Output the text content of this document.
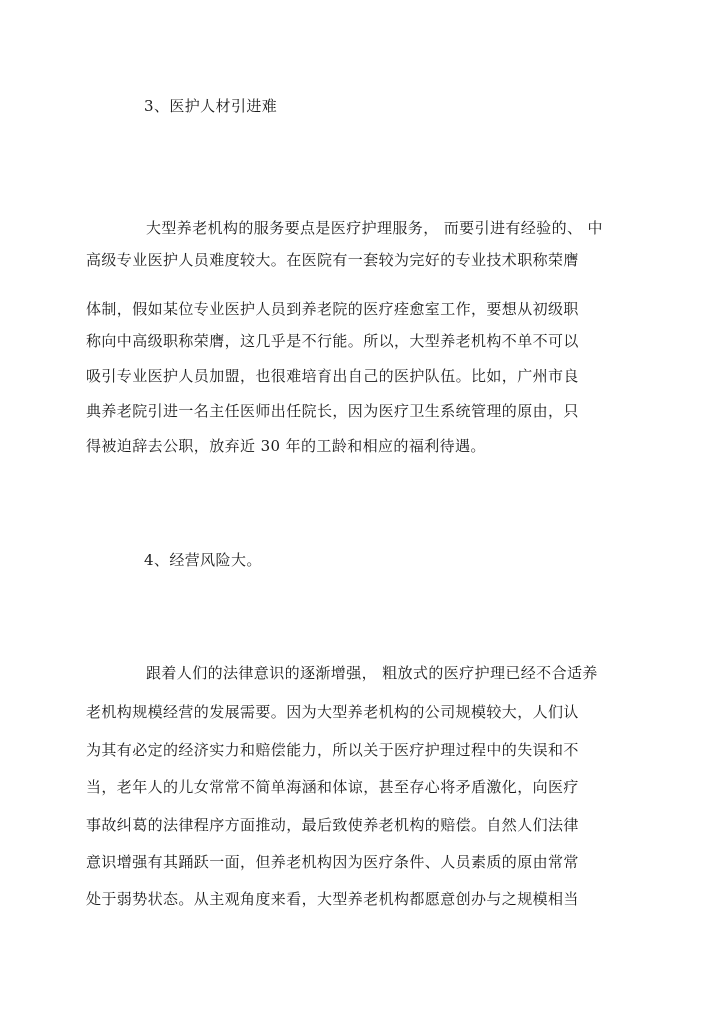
3、医护人材引进难
大型养老机构的服务要点是医疗护理服务， 而要引进有经验的、 中
高级专业医护人员难度较大。在医院有一套较为完好的专业技术职称荣膺
体制，假如某位专业医护人员到养老院的医疗痊愈室工作，要想从初级职
称向中高级职称荣膺，这几乎是不行能。所以，大型养老机构不单不可以
吸引专业医护人员加盟，也很难培育出自己的医护队伍。比如，广州市良
典养老院引进一名主任医师出任院长，因为医疗卫生系统管理的原由，只
得被迫辞去公职，放弃近 30 年的工龄和相应的福利待遇。
4、经营风险大。
跟着人们的法律意识的逐渐增强， 粗放式的医疗护理已经不合适养
老机构规模经营的发展需要。因为大型养老机构的公司规模较大，人们认
为其有必定的经济实力和赔偿能力，所以关于医疗护理过程中的失误和不
当，老年人的儿女常常不简单海涵和体谅，甚至存心将矛盾激化，向医疗
事故纠葛的法律程序方面推动，最后致使养老机构的赔偿。自然人们法律
意识增强有其踊跃一面，但养老机构因为医疗条件、人员素质的原由常常
处于弱势状态。从主观角度来看，大型养老机构都愿意创办与之规模相当
